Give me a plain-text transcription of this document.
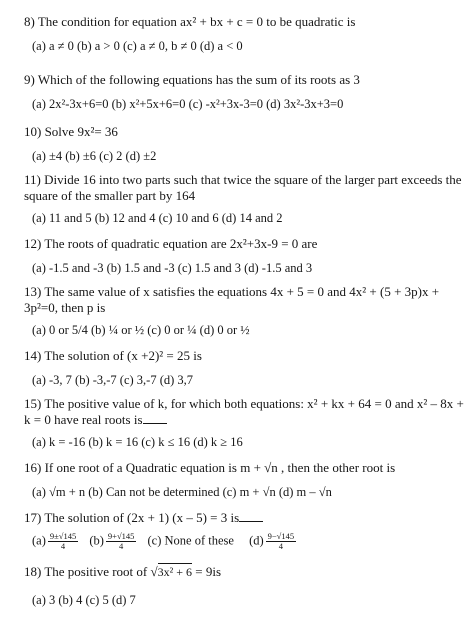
8) The condition for equation ax² + bx + c = 0 to be quadratic is
(a) a ≠ 0 (b) a > 0 (c) a ≠ 0, b ≠ 0 (d) a < 0
9) Which of the following equations has the sum of its roots as 3
(a) 2x²-3x+6=0 (b) x²+5x+6=0 (c) -x²+3x-3=0 (d) 3x²-3x+3=0
10) Solve 9x²= 36
(a) ±4 (b) ±6 (c) 2 (d) ±2
11) Divide 16 into two parts such that twice the square of the larger part exceeds the square of the smaller part by 164
(a) 11 and 5 (b) 12 and 4 (c) 10 and 6 (d) 14 and 2
12) The roots of quadratic equation are 2x²+3x-9 = 0 are
(a) -1.5 and -3 (b) 1.5 and -3 (c) 1.5 and 3 (d) -1.5 and 3
13) The same value of x satisfies the equations 4x + 5 = 0 and 4x² + (5 + 3p)x + 3p²=0, then p is
(a) 0 or 5/4 (b) ¼ or ½ (c) 0 or ¼ (d) 0 or ½
14) The solution of (x +2)² = 25 is
(a) -3, 7 (b) -3,-7 (c) 3,-7 (d) 3,7
15) The positive value of k, for which both equations: x² + kx + 64 = 0 and x² – 8x + k = 0 have real roots is
(a) k = -16 (b) k = 16 (c) k ≤ 16 (d) k ≥ 16
16) If one root of a Quadratic equation is m + √n , then the other root is
(a) √m + n (b) Can not be determined (c) m + √n (d) m – √n
17) The solution of (2x + 1) (x – 5) = 3 is
$(a) \frac{9\pm√145}{4} (b) \frac{9+√145}{4} (c)$ None of these $(d) \frac{9-√145}{4}$
18) The positive root of √3x² + 6 = 9is
(a) 3 (b) 4 (c) 5 (d) 7
